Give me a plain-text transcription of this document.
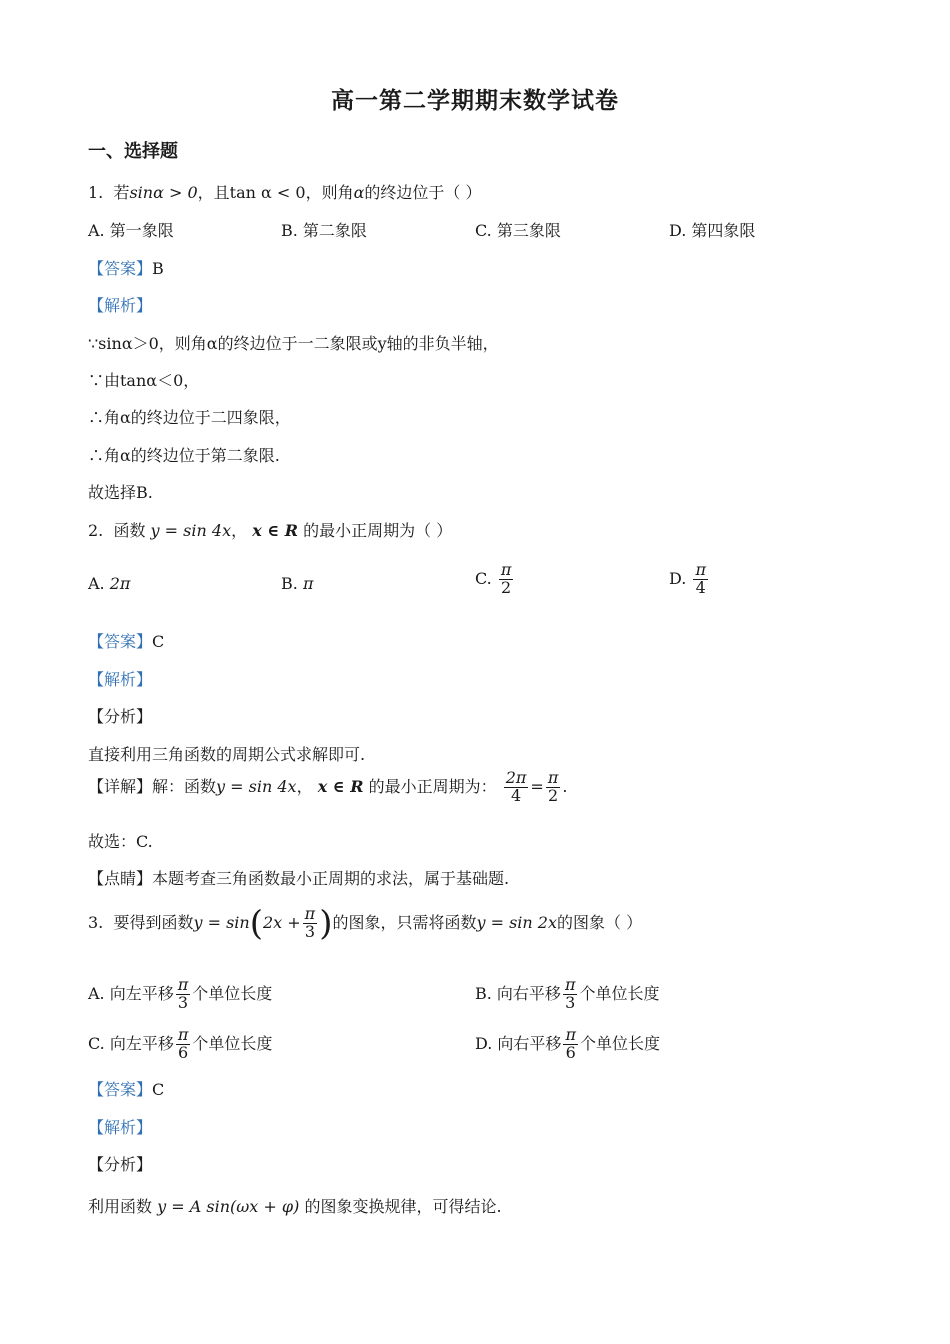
高一第二学期期末数学试卷
一、选择题
1. 若sinα > 0，且tan α < 0，则角α的终边位于（ ）
A. 第一象限	B. 第二象限	C. 第三象限	D. 第四象限
【答案】B
【解析】
∵sinα＞0，则角α的终边位于一二象限或y轴的非负半轴，
∵由tanα＜0，
∴角α的终边位于二四象限，
∴角α的终边位于第二象限.
故选择B.
2. 函数 y = sin 4x， x ∈ R 的最小正周期为（ ）
A. 2π	B. π	C. $\frac{\pi}{2}$	D. $\frac{\pi}{4}$
【答案】C
【解析】
【分析】
直接利用三角函数的周期公式求解即可.
【详解】解：函数y = sin 4x， x ∈ R 的最小正周期为： $\frac{2\pi}{4} = \frac{\pi}{2}$ .
故选：C.
【点睛】本题考查三角函数最小正周期的求法，属于基础题.
3. 要得到函数$y = \sin(2x + \frac{\pi}{3}$ )的图象，只需将函数y = sin 2x的图象（ ）
A. 向左平移 $\frac{\pi}{3}$ 个单位长度	B. 向右平移 $\frac{\pi}{3}$ 个单位长度
C. 向左平移 $\frac{\pi}{6}$ 个单位长度	D. 向右平移 $\frac{\pi}{6}$ 个单位长度
【答案】C
【解析】
【分析】
利用函数 y = A sin(ωx + φ) 的图象变换规律，可得结论.
